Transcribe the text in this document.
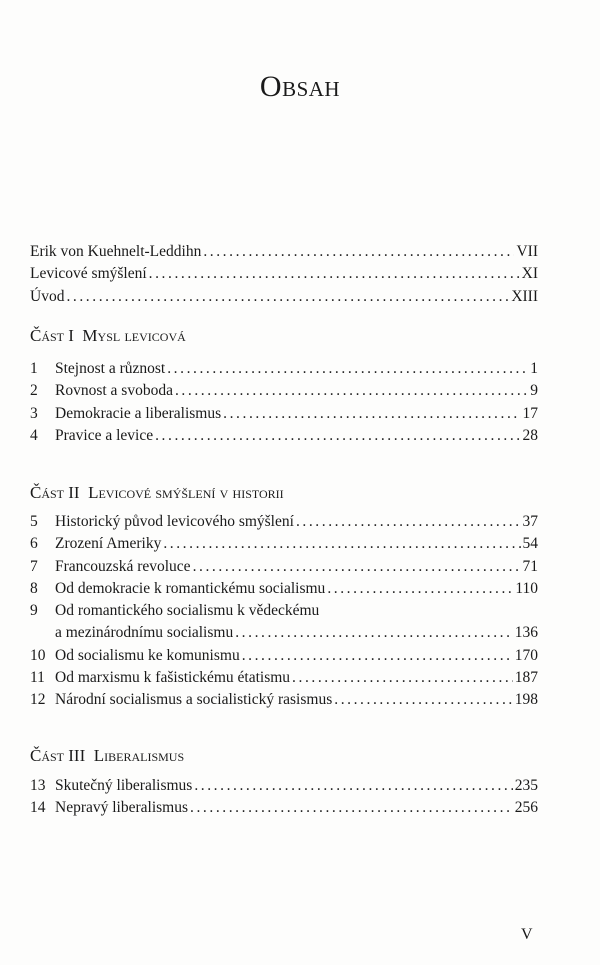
Obsah
Erik von Kuehnelt-Leddihn . . .	VII
Levicové smýšlení . . .	XI
Úvod . . .	XIII
Část I  Mysl levicová
1	Stejnost a různost . . .	1
2	Rovnost a svoboda . . .	9
3	Demokracie a liberalismus . . .	17
4	Pravice a levice . . .	28
Část II  Levicové smýšlení v historii
5	Historický původ levicového smýšlení . . .	37
6	Zrození Ameriky . . .	54
7	Francouzská revoluce . . .	71
8	Od demokracie k romantickému socialismu . . .	110
9	Od romantického socialismu k vědeckému
a mezinárodnímu socialismu . . .	136
10 Od socialismu ke komunismu . . .	170
11 Od marxismu k fašistickému étatismu . . .	187
12 Národní socialismus a socialistický rasismus . . .	198
Část III  Liberalismus
13 Skutečný liberalismus . . .	235
14 Nepravý liberalismus . . .	256
V
